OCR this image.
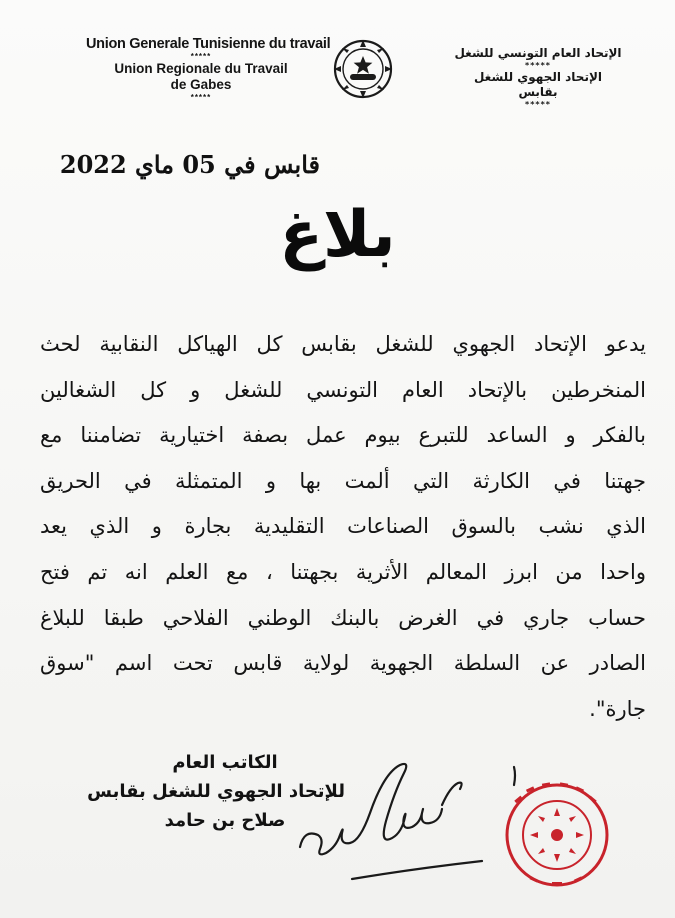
Union Generale Tunisienne du travail
*****
Union Regionale du Travail
de Gabes
*****
الإتحاد العام التونسي للشغل
*****
الإتحاد الجهوي للشغل
بقابس
*****
قابس في 05 ماي 2022
بلاغ
يدعو الإتحاد الجهوي للشغل بقابس كل الهياكل النقابية لحث
المنخرطين بالإتحاد العام التونسي للشغل و كل الشغالين
بالفكر و الساعد للتبرع بيوم عمل بصفة اختيارية تضامننا مع
جهتنا في الكارثة التي ألمت بها و المتمثلة في الحريق
الذي نشب بالسوق الصناعات التقليدية بجارة و الذي يعد
واحدا من ابرز المعالم الأثرية بجهتنا ، مع العلم انه تم فتح
حساب جاري في الغرض بالبنك الوطني الفلاحي طبقا للبلاغ
الصادر عن السلطة الجهوية لولاية قابس تحت اسم "سوق
جارة".
الكاتب العام
للإتحاد الجهوي للشغل بقابس
صلاح بن حامد
